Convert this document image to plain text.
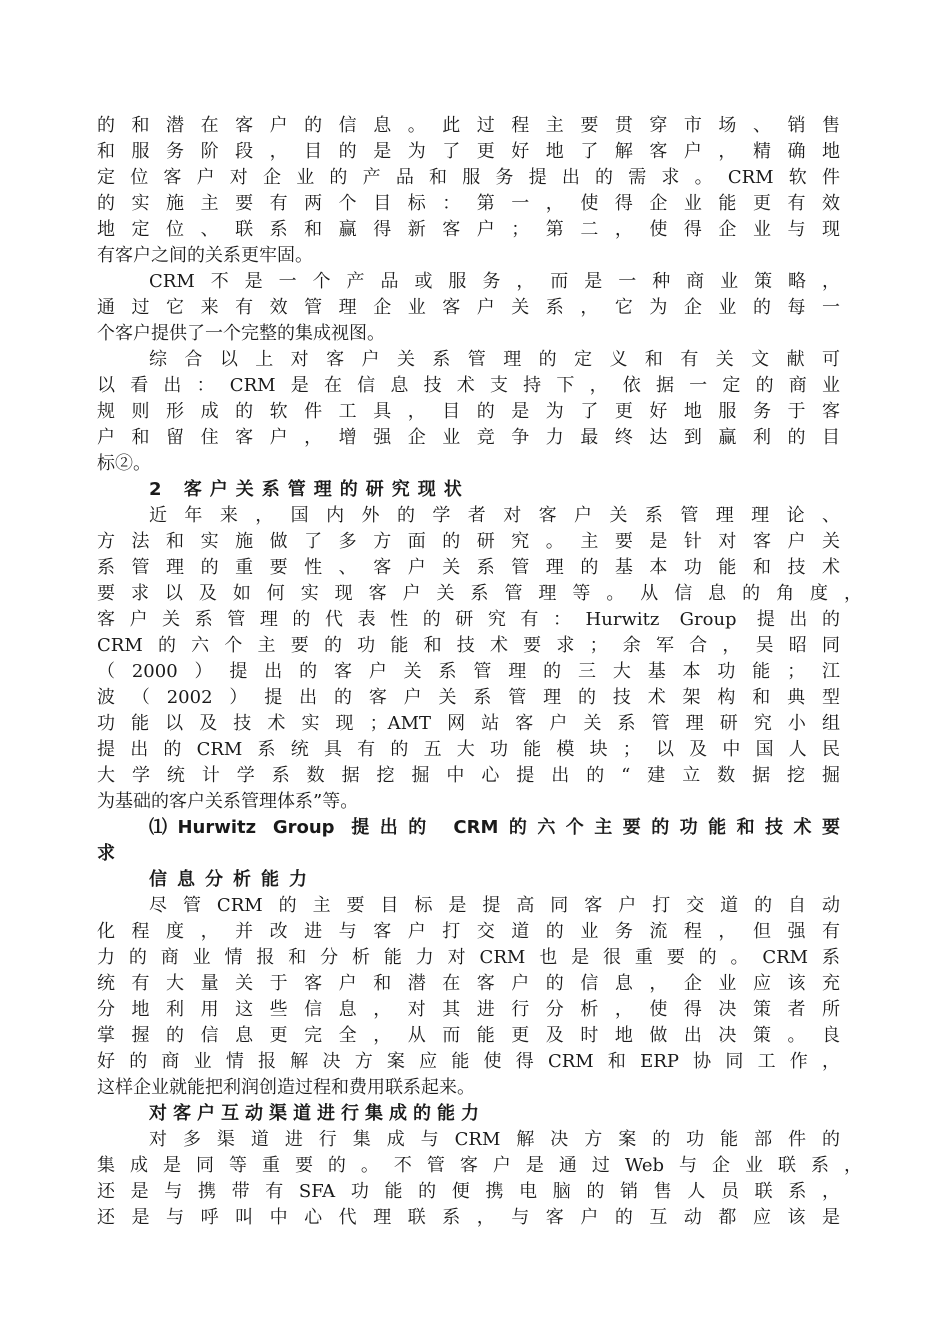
的和潜在客户的信息。此过程主要贯穿市场、销售
和服务阶段，目的是为了更好地了解客户，精确地
定位客户对企业的产品和服务提出的需求。CRM软件
的实施主要有两个目标：第一，使得企业能更有效
地定位、联系和赢得新客户；第二，使得企业与现
有客户之间的关系更牢固。
CRM不是一个产品或服务，而是一种商业策略，
通过它来有效管理企业客户关系，它为企业的每一
个客户提供了一个完整的集成视图。
综合以上对客户关系管理的定义和有关文献可
以看出：CRM是在信息技术支持下，依据一定的商业
规则形成的软件工具，目的是为了更好地服务于客
户和留住客户，增强企业竞争力最终达到赢利的目
标②。
2 客户关系管理的研究现状
近年来，国内外的学者对客户关系管理理论、
方法和实施做了多方面的研究。主要是针对客户关
系管理的重要性、客户关系管理的基本功能和技术
要求以及如何实现客户关系管理等。从信息的角度，
客户关系管理的代表性的研究有：Hurwitz Group 提出的
CRM的六个主要的功能和技术要求；余军合，吴昭同
（2000）提出的客户关系管理的三大基本功能；江
波（2002）提出的客户关系管理的技术架构和典型
功能以及技术实现；AMT网站客户关系管理研究小组
提出的CRM系统具有的五大功能模块；以及中国人民
大学统计学系数据挖掘中心提出的“建立数据挖掘
为基础的客户关系管理体系”等。
⑴Hurwitz Group 提出的 CRM的六个主要的功能和技术要
求
信息分析能力
尽管CRM的主要目标是提高同客户打交道的自动
化程度，并改进与客户打交道的业务流程，但强有
力的商业情报和分析能力对CRM也是很重要的。CRM系
统有大量关于客户和潜在客户的信息，企业应该充
分地利用这些信息，对其进行分析，使得决策者所
掌握的信息更完全，从而能更及时地做出决策。良
好的商业情报解决方案应能使得CRM和ERP协同工作，
这样企业就能把利润创造过程和费用联系起来。
对客户互动渠道进行集成的能力
对多渠道进行集成与CRM解决方案的功能部件的
集成是同等重要的。不管客户是通过Web与企业联系，
还是与携带有SFA功能的便携电脑的销售人员联系，
还是与呼叫中心代理联系，与客户的互动都应该是
